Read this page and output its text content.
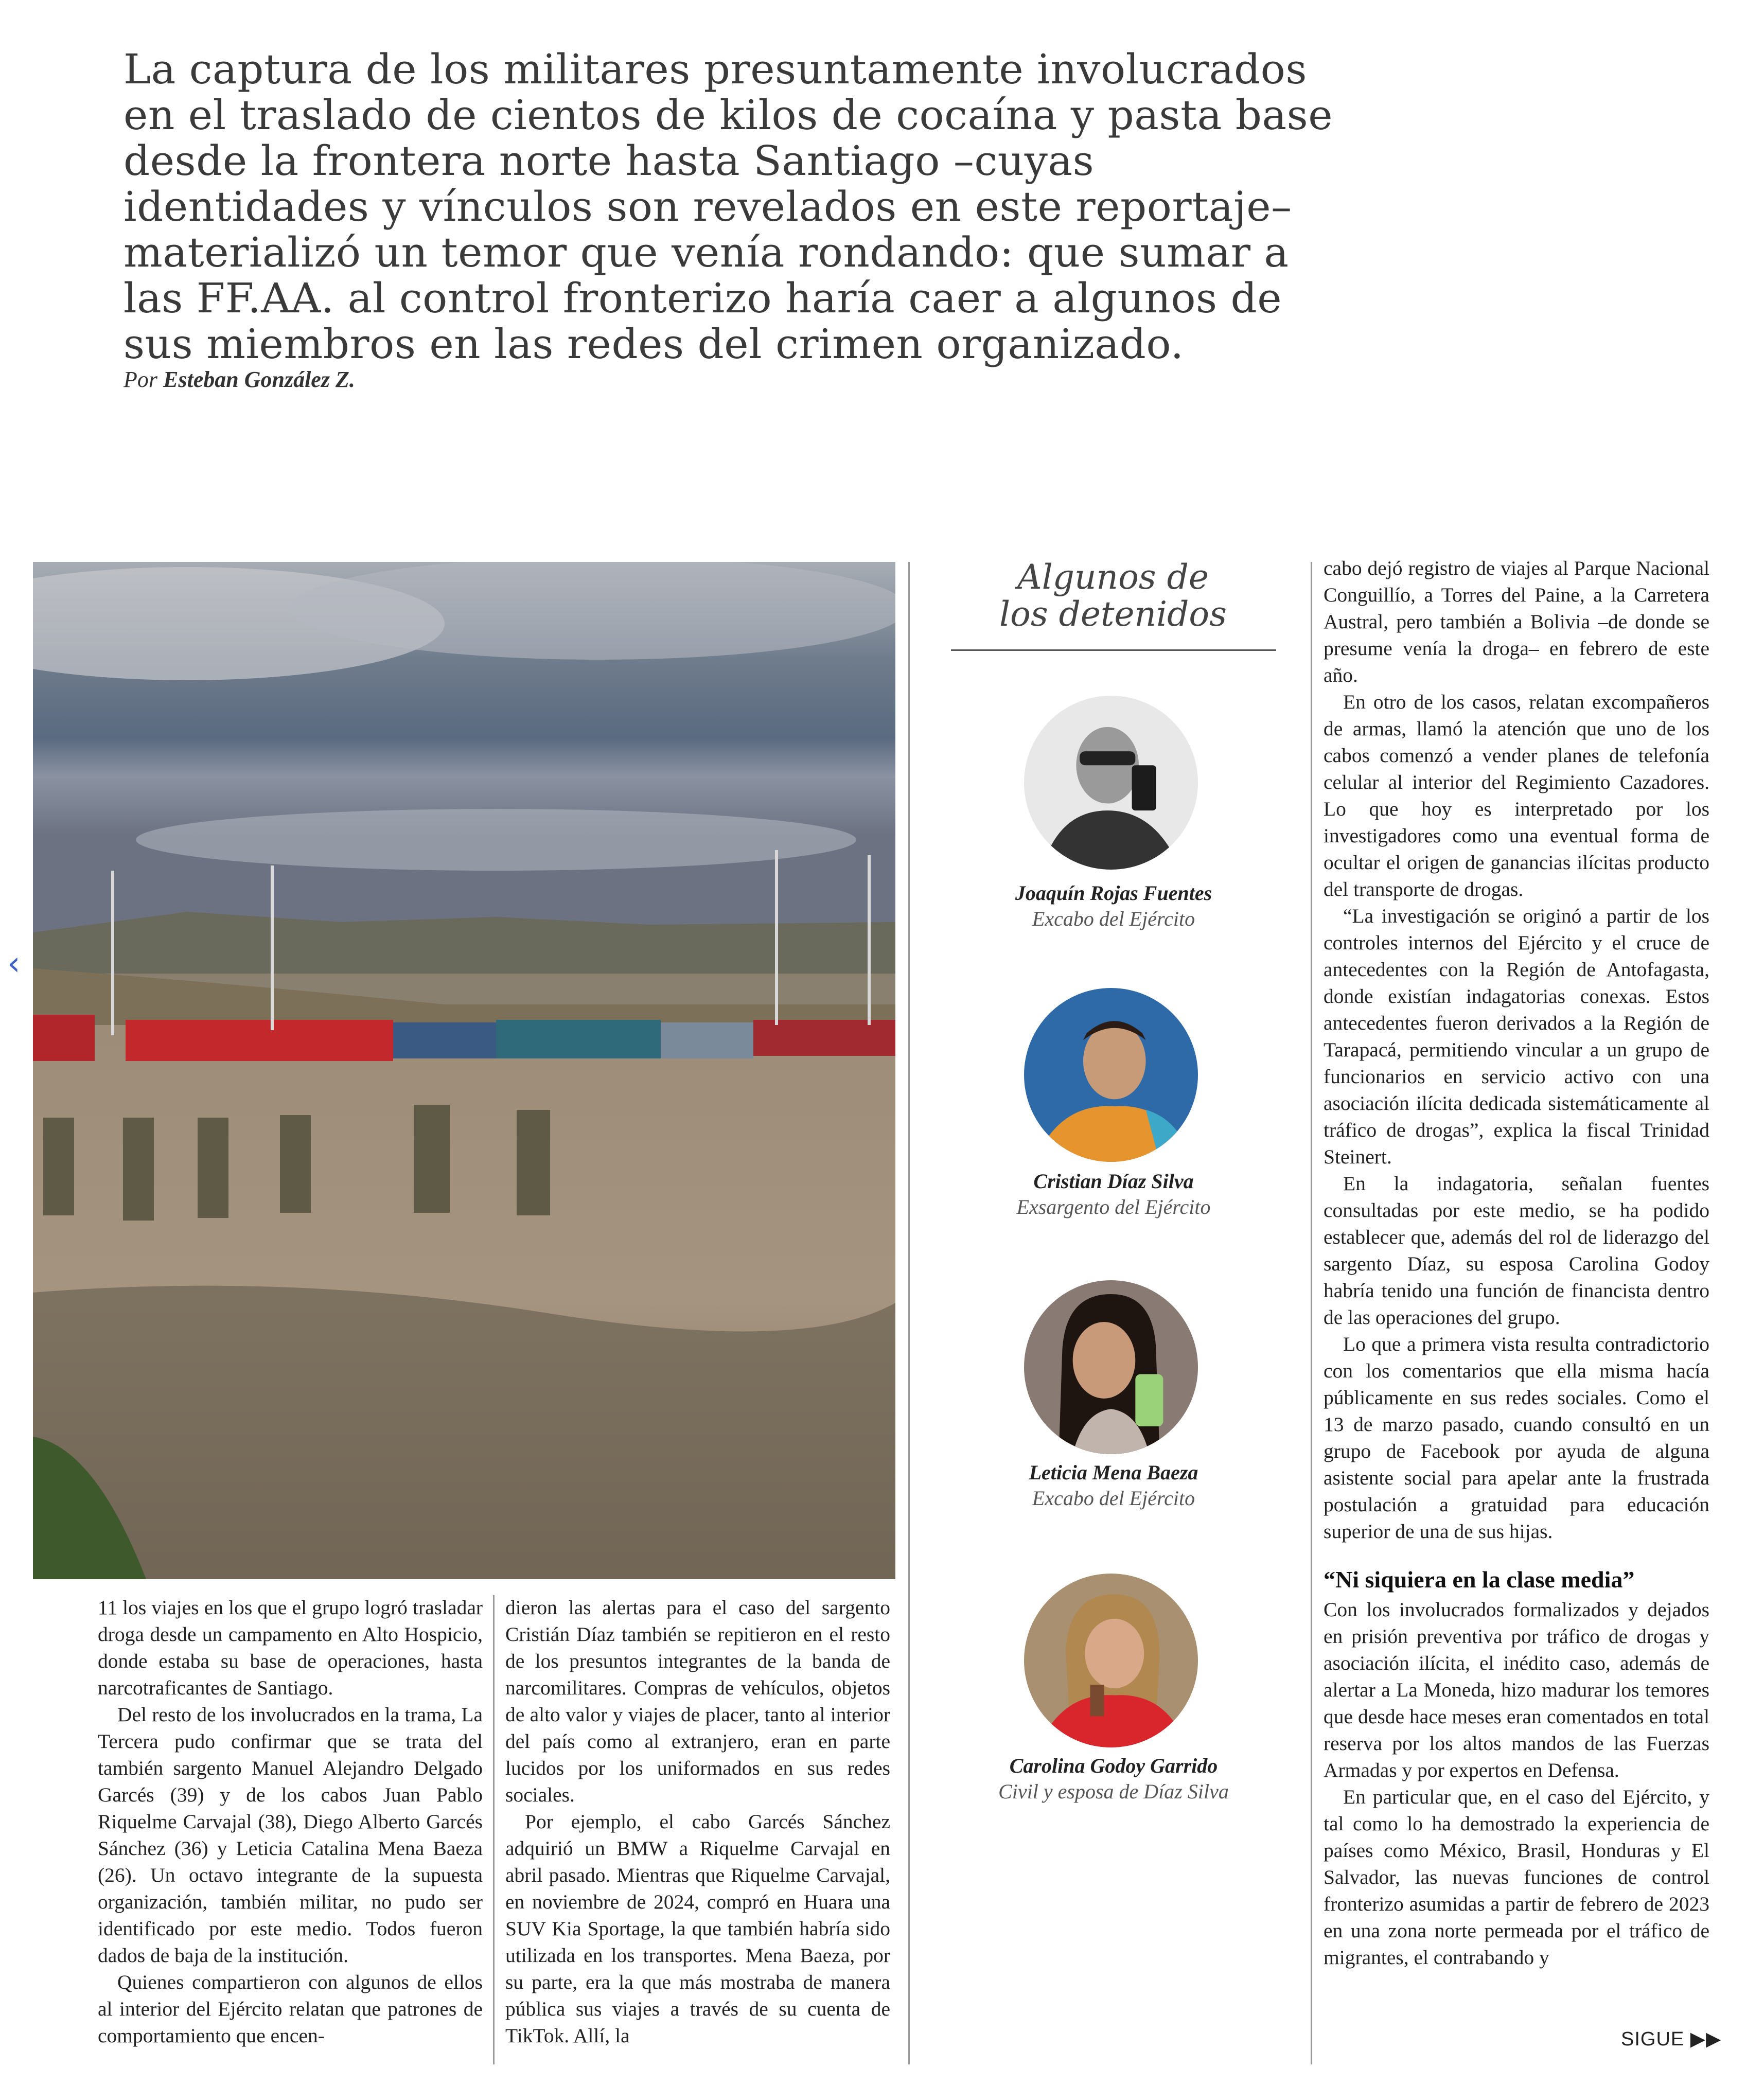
La captura de los militares presuntamente involucrados en el traslado de cientos de kilos de cocaína y pasta base desde la frontera norte hasta Santiago –cuyas identidades y vínculos son revelados en este reportaje– materializó un temor que venía rondando: que sumar a las FF.AA. al control fronterizo haría caer a algunos de sus miembros en las redes del crimen organizado.
Por Esteban González Z.
‹
Algunos de
los detenidos
Joaquín Rojas Fuentes
Excabo del Ejército
Cristian Díaz Silva
Exsargento del Ejército
Leticia Mena Baeza
Excabo del Ejército
Carolina Godoy Garrido
Civil y esposa de Díaz Silva

11 los viajes en los que el grupo logró trasladar droga desde un campamento en Alto Hospicio, donde estaba su base de operaciones, hasta narcotraficantes de Santiago.

Del resto de los involucrados en la trama, La Tercera pudo confirmar que se trata del también sargento Manuel Alejandro Delgado Garcés (39) y de los cabos Juan Pablo Riquelme Carvajal (38), Diego Alberto Garcés Sánchez (36) y Leticia Catalina Mena Baeza (26). Un octavo integrante de la supuesta organización, también militar, no pudo ser identificado por este medio. Todos fueron dados de baja de la institución.

Quienes compartieron con algunos de ellos al interior del Ejército relatan que patrones de comportamiento que encen-

dieron las alertas para el caso del sargento Cristián Díaz también se repitieron en el resto de los presuntos integrantes de la banda de narcomilitares. Compras de vehículos, objetos de alto valor y viajes de placer, tanto al interior del país como al extranjero, eran en parte lucidos por los uniformados en sus redes sociales.

Por ejemplo, el cabo Garcés Sánchez adquirió un BMW a Riquelme Carvajal en abril pasado. Mientras que Riquelme Carvajal, en noviembre de 2024, compró en Huara una SUV Kia Sportage, la que también habría sido utilizada en los transportes. Mena Baeza, por su parte, era la que más mostraba de manera pública sus viajes a través de su cuenta de TikTok. Allí, la

cabo dejó registro de viajes al Parque Nacional Conguillío, a Torres del Paine, a la Carretera Austral, pero también a Bolivia –de donde se presume venía la droga– en febrero de este año.

En otro de los casos, relatan excompañeros de armas, llamó la atención que uno de los cabos comenzó a vender planes de telefonía celular al interior del Regimiento Cazadores. Lo que hoy es interpretado por los investigadores como una eventual forma de ocultar el origen de ganancias ilícitas producto del transporte de drogas.

“La investigación se originó a partir de los controles internos del Ejército y el cruce de antecedentes con la Región de Antofagasta, donde existían indagatorias conexas. Estos antecedentes fueron derivados a la Región de Tarapacá, permitiendo vincular a un grupo de funcionarios en servicio activo con una asociación ilícita dedicada sistemáticamente al tráfico de drogas”, explica la fiscal Trinidad Steinert.

En la indagatoria, señalan fuentes consultadas por este medio, se ha podido establecer que, además del rol de liderazgo del sargento Díaz, su esposa Carolina Godoy habría tenido una función de financista dentro de las operaciones del grupo.

Lo que a primera vista resulta contradictorio con los comentarios que ella misma hacía públicamente en sus redes sociales. Como el 13 de marzo pasado, cuando consultó en un grupo de Facebook por ayuda de alguna asistente social para apelar ante la frustrada postulación a gratuidad para educación superior de una de sus hijas.

“Ni siquiera en la clase media”

Con los involucrados formalizados y dejados en prisión preventiva por tráfico de drogas y asociación ilícita, el inédito caso, además de alertar a La Moneda, hizo madurar los temores que desde hace meses eran comentados en total reserva por los altos mandos de las Fuerzas Armadas y por expertos en Defensa.

En particular que, en el caso del Ejército, y tal como lo ha demostrado la experiencia de países como México, Brasil, Honduras y El Salvador, las nuevas funciones de control fronterizo asumidas a partir de febrero de 2023 en una zona norte permeada por el tráfico de migrantes, el contrabando y

SIGUE ▶▶
